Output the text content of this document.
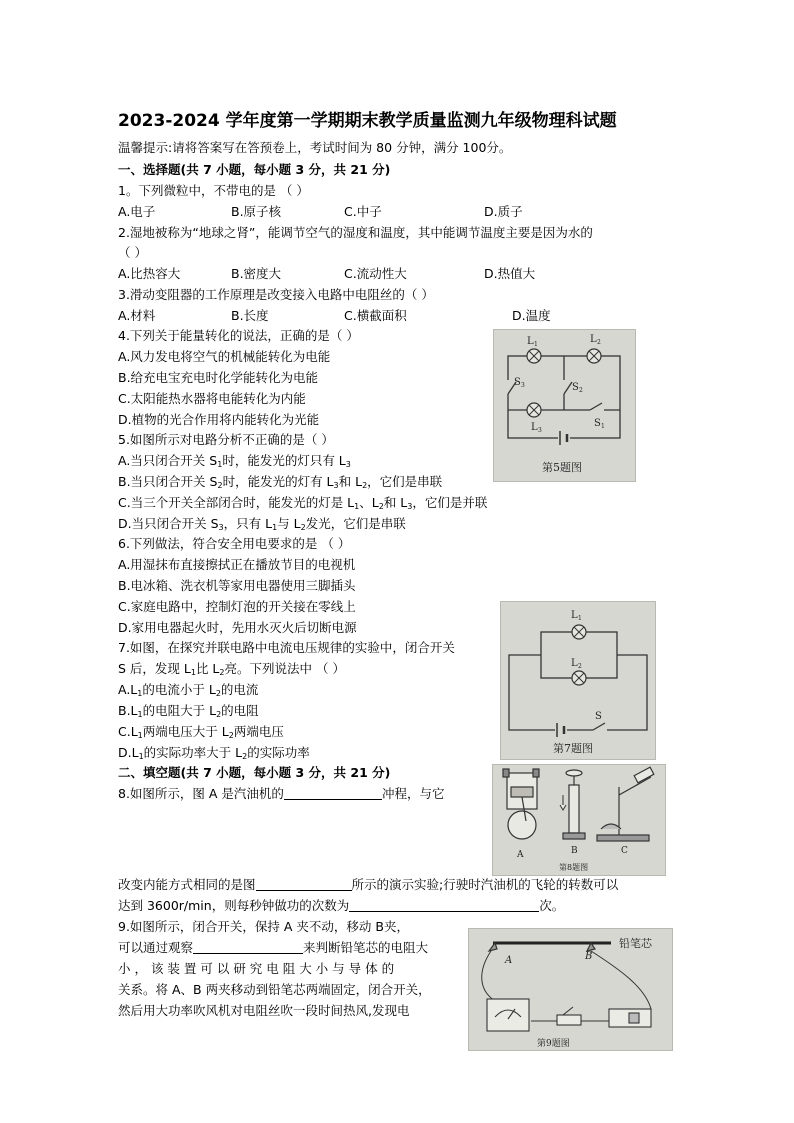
2023-2024 学年度第一学期期末教学质量监测九年级物理科试题
温馨提示:请将答案写在答预卷上，考试时间为 80 分钟，满分 100分。
一、选择题(共 7 小题，每小题 3 分，共 21 分)
1。下列微粒中，不带电的是 （ ）
A.电子	B.原子核	C.中子	D.质子
2.湿地被称为“地球之肾”，能调节空气的湿度和温度，其中能调节温度主要是因为水的
（ ）
A.比热容大	B.密度大	C.流动性大	D.热值大
3.滑动变阻器的工作原理是改变接入电路中电阻丝的（ ）
A.材料	B.长度	C.横截面积	D.温度
4.下列关于能量转化的说法，正确的是（ ）
A.风力发电将空气的机械能转化为电能
B.给充电宝充电时化学能转化为电能
C.太阳能热水器将电能转化为内能
D.植物的光合作用将内能转化为光能
5.如图所示对电路分析不正确的是（ ）
A.当只闭合开关 $S_1$时，能发光的灯只有 $L_3$
B.当只闭合开关 $S_2$时，能发光的灯有 $L_3$和 $L_2$，它们是串联
C.当三个开关全部闭合时，能发光的灯是 $L_1$、$L_2$和 $L_3$，它们是并联
D.当只闭合开关 $S_3$，只有 $L_1$与 $L_2$发光，它们是串联
6.下列做法，符合安全用电要求的是 （ ）
A.用湿抹布直接擦拭正在播放节目的电视机
B.电冰箱、洗衣机等家用电器使用三脚插头
C.家庭电路中，控制灯泡的开关接在零线上
D.家用电器起火时，先用水灭火后切断电源
7.如图，在探究并联电路中电流电压规律的实验中，闭合开关
S 后，发现 $L_1$比 $L_2$亮。下列说法中 （ ）
$A.L_1$的电流小于 $L_2$的电流
$B.L_1$的电阻大于 $L_2$的电阻
$C.L_1$两端电压大于 $L_2$两端电压
$D.L_1$的实际功率大于 $L_2$的实际功率
二、填空题(共 7 小题，每小题 3 分，共 21 分)
8.如图所示，图 A 是汽油机的	冲程，与它
改变内能方式相同的是图	所示的演示实验;行驶时汽油机的飞轮的转数可以
达到 3600r/min，则每秒钟做功的次数为	次。
9.如图所示，闭合开关，保持 A 夹不动，移动 B夹，
可以通过观察	来判断铅笔芯的电阻大
小 ， 该 装 置 可 以 研 究 电 阻 大 小 与 导 体 的
关系。将 A、B 两夹移动到铅笔芯两端固定，闭合开关，
然后用大功率吹风机对电阻丝吹一段时间热风,发现电
L 1	L 2
L 3
S 3	S 2
S 1
第5题图
L 1
L 2
S
第7题图
A	B	C
第8题图
A	B
铅笔芯
第9题图
